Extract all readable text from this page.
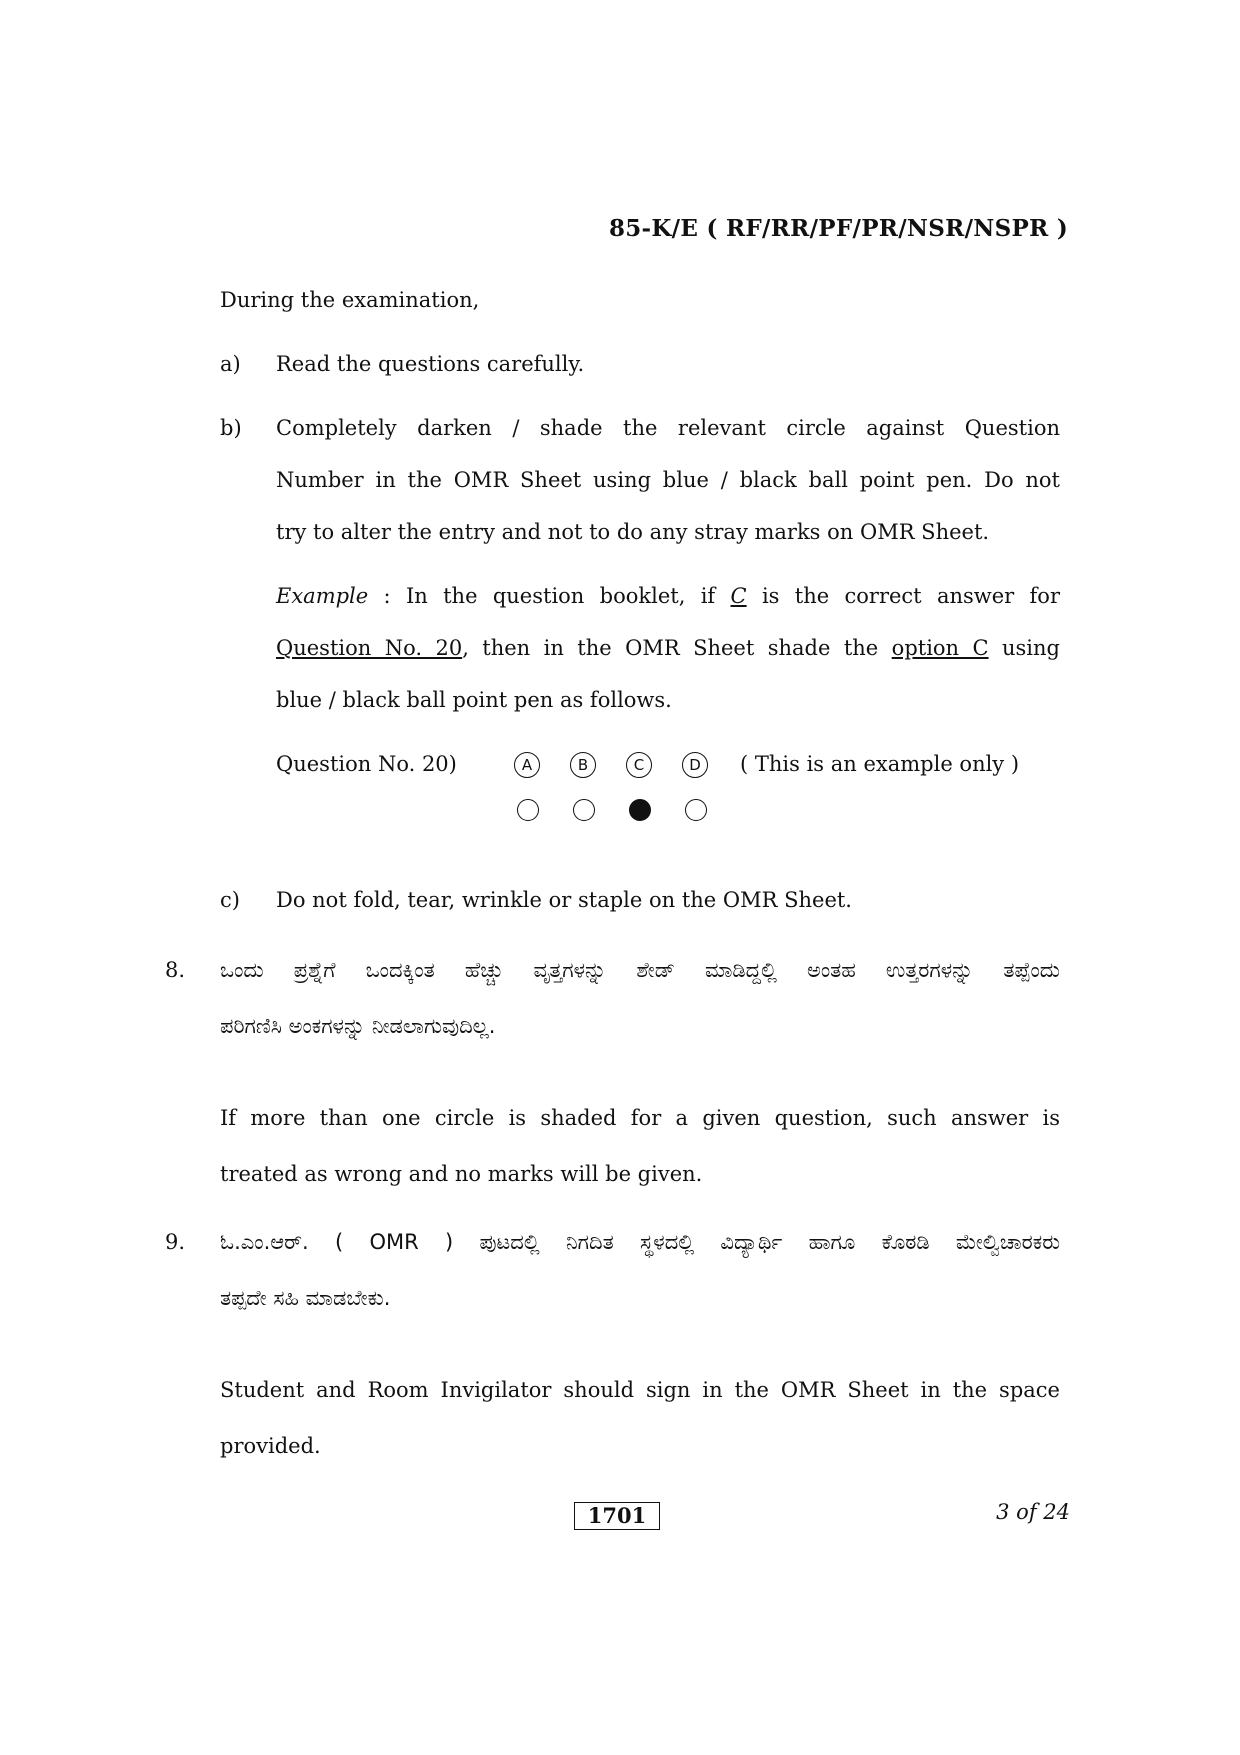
85-K/E ( RF/RR/PF/PR/NSR/NSPR )
During the examination,
a) Read the questions carefully.
b) Completely darken / shade the relevant circle against Question
Number in the OMR Sheet using blue / black ball point pen. Do not
try to alter the entry and not to do any stray marks on OMR Sheet.
Example : In the question booklet, if C is the correct answer for
Question No. 20, then in the OMR Sheet shade the option C using
blue / black ball point pen as follows.
Question No. 20)	A	B	C	D	( This is an example only )
c) Do not fold, tear, wrinkle or staple on the OMR Sheet.
8. ಒಂದು ಪ್ರಶ್ನೆಗೆ ಒಂದಕ್ಕಿಂತ ಹೆಚ್ಚು ವೃತ್ತಗಳನ್ನು ಶೇಡ್ ಮಾಡಿದ್ದಲ್ಲಿ ಅಂತಹ ಉತ್ತರಗಳನ್ನು ತಪ್ಪೆಂದು
ಪರಿಗಣಿಸಿ ಅಂಕಗಳನ್ನು ನೀಡಲಾಗುವುದಿಲ್ಲ.
If more than one circle is shaded for a given question, such answer is
treated as wrong and no marks will be given.
9. ಓ.ಎಂ.ಆರ್. ( OMR ) ಪುಟದಲ್ಲಿ ನಿಗದಿತ ಸ್ಥಳದಲ್ಲಿ ವಿದ್ಯಾರ್ಥಿ ಹಾಗೂ ಕೊಠಡಿ ಮೇಲ್ವಿಚಾರಕರು
ತಪ್ಪದೇ ಸಹಿ ಮಾಡಬೇಕು.
Student and Room Invigilator should sign in the OMR Sheet in the space
provided.
1701	3 of 24
